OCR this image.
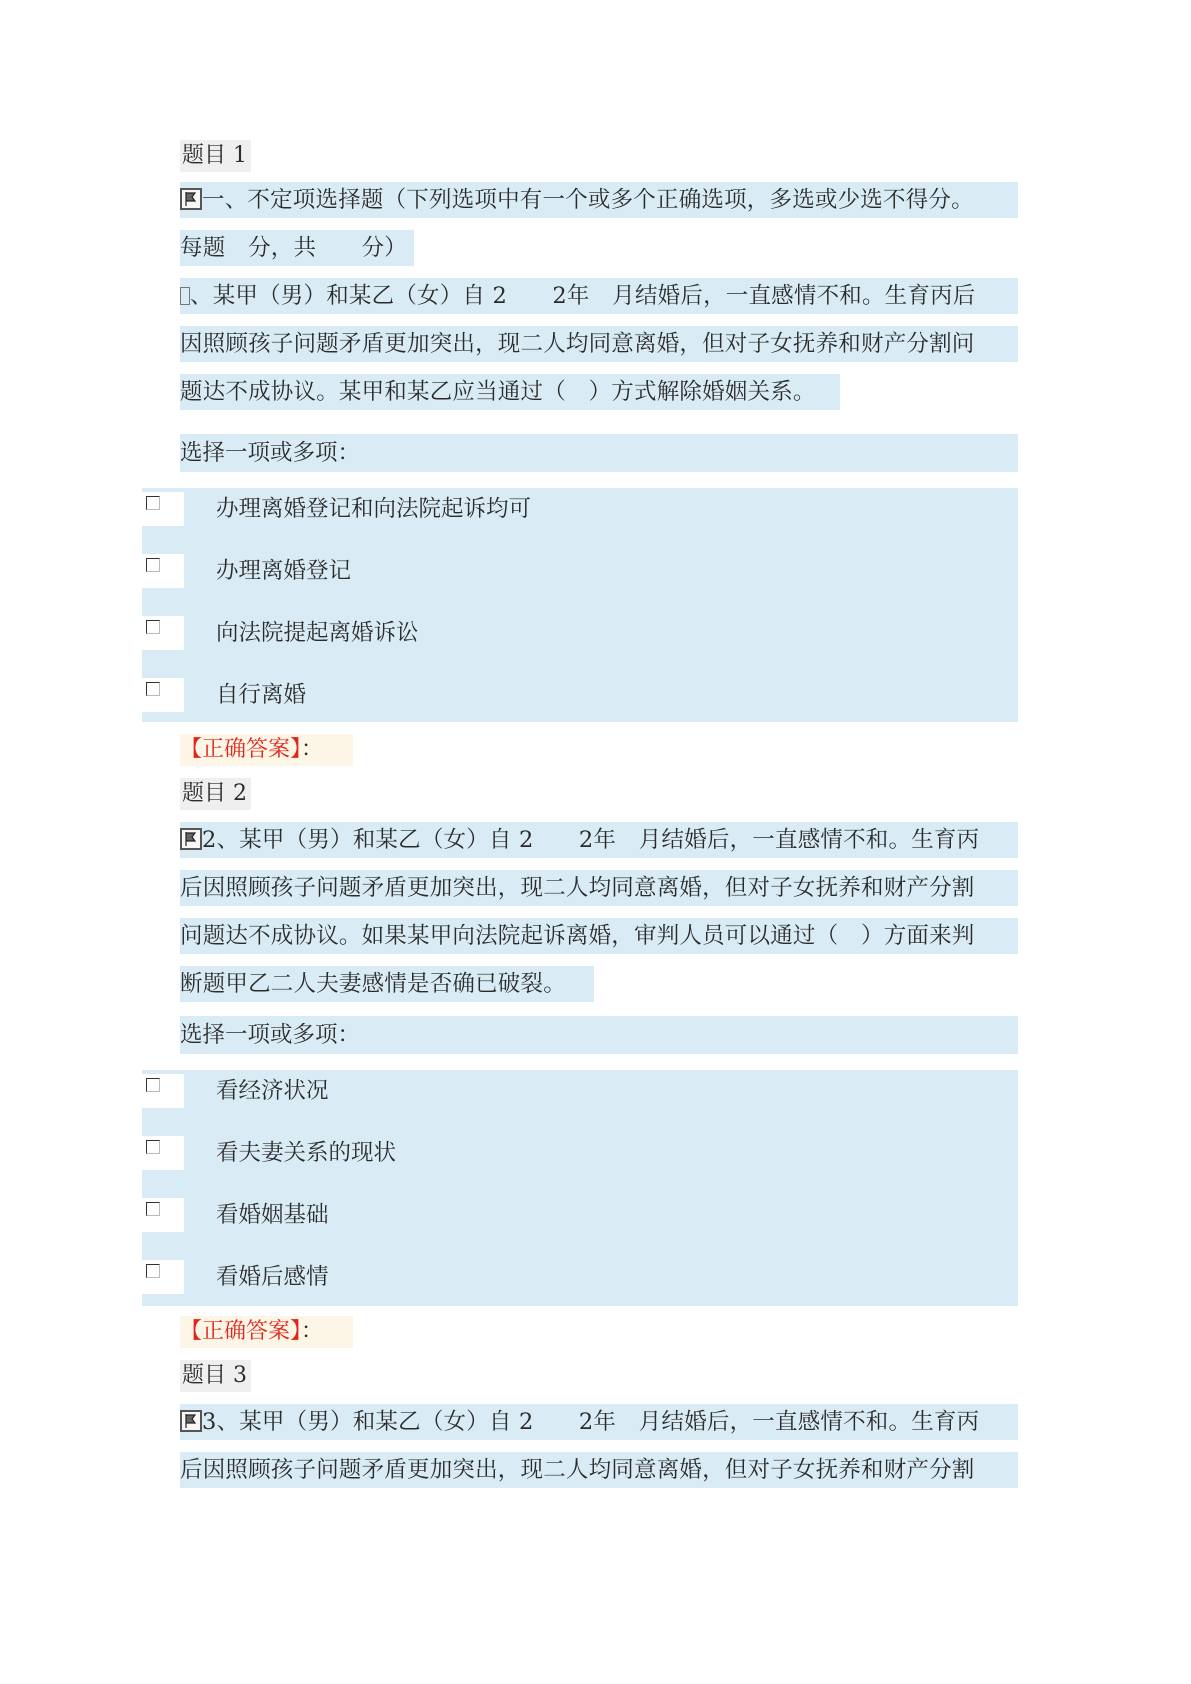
题目 1
一、不定项选择题（下列选项中有一个或多个正确选项，多选或少选不得分。
每题　分，共　　分）
、某甲（男）和某乙（女）自 2　　2年　月结婚后，一直感情不和。生育丙后
因照顾孩子问题矛盾更加突出，现二人均同意离婚，但对子女抚养和财产分割问
题达不成协议。某甲和某乙应当通过（　）方式解除婚姻关系。
选择一项或多项：
办理离婚登记和向法院起诉均可
办理离婚登记
向法院提起离婚诉讼
自行离婚
【正确答案】：
题目 2
2、某甲（男）和某乙（女）自 2　　2年　月结婚后，一直感情不和。生育丙
后因照顾孩子问题矛盾更加突出，现二人均同意离婚，但对子女抚养和财产分割
问题达不成协议。如果某甲向法院起诉离婚，审判人员可以通过（　）方面来判
断题甲乙二人夫妻感情是否确已破裂。
选择一项或多项：
看经济状况
看夫妻关系的现状
看婚姻基础
看婚后感情
【正确答案】：
题目 3
3、某甲（男）和某乙（女）自 2　　2年　月结婚后，一直感情不和。生育丙
后因照顾孩子问题矛盾更加突出，现二人均同意离婚，但对子女抚养和财产分割
